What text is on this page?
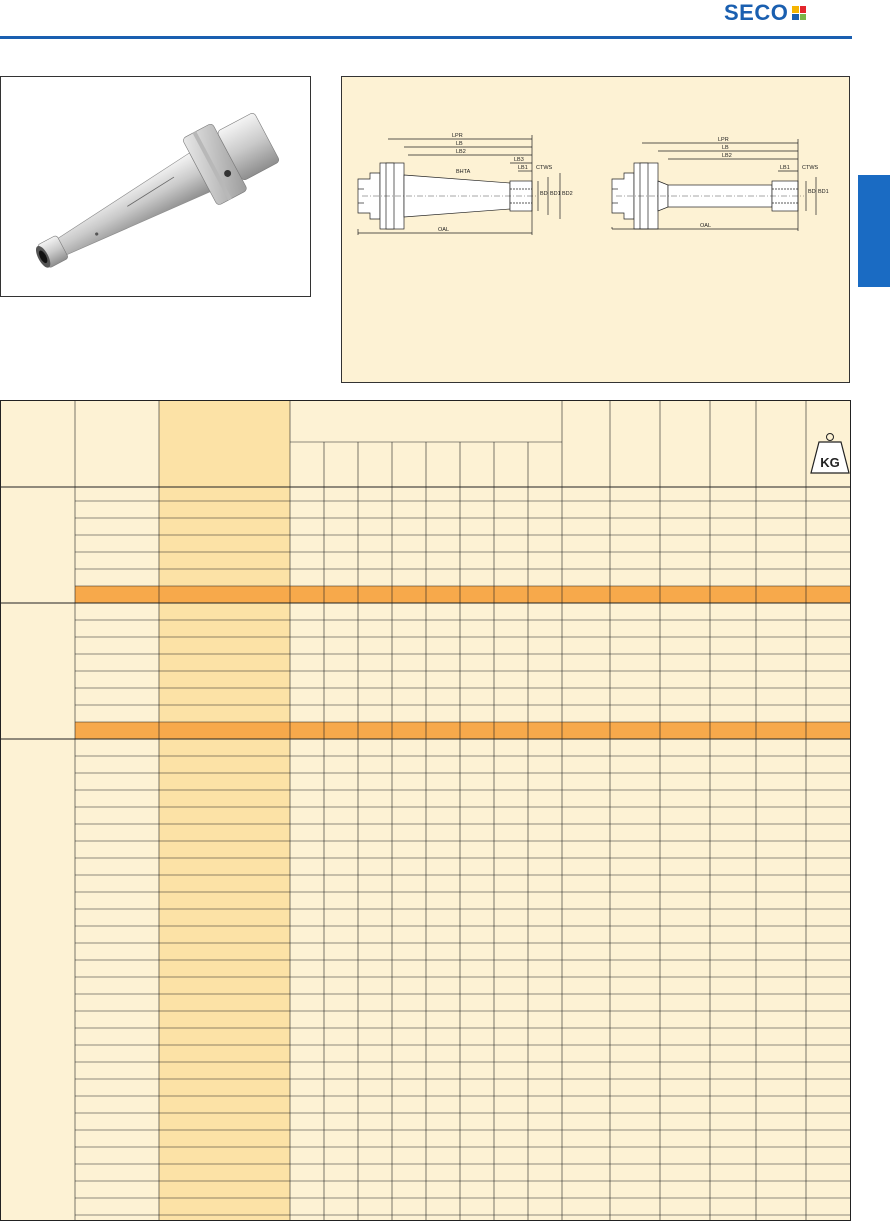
SECO
LPR
LB
LB2
LB3
LB1 CTWS
BHTA
BD BD1 BD2
OAL
LPR
LB
LB2
LB1 CTWS
BD BD1
OAL
KG
